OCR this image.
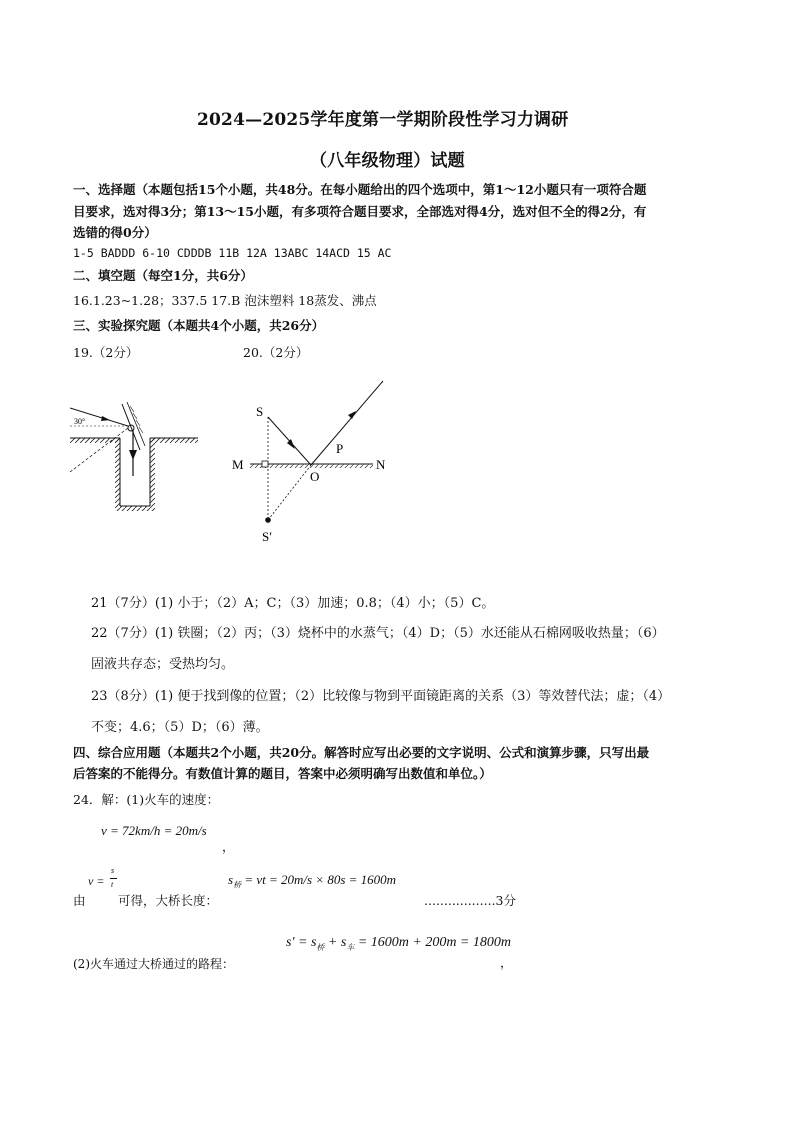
2024—2025学年度第一学期阶段性学习力调研
（八年级物理）试题
一、选择题（本题包括15个小题，共48分。在每小题给出的四个选项中，第1～12小题只有一项符合题
目要求，选对得3分；第13～15小题，有多项符合题目要求，全部选对得4分，选对但不全的得2分，有
选错的得0分）
1-5 BADDD 6-10 CDDDB 11B 12A 13ABC 14ACD 15 AC
二、填空题（每空1分，共6分）
16.1.23~1.28；337.5 17.B 泡沫塑料 18蒸发、沸点
三、实验探究题（本题共4个小题，共26分）
19.（2分）	20.（2分）
30°
S
M	N
O
P
S′
21（7分）(1) 小于；（2）A；C；（3）加速；0.8；（4）小；（5）C。
22（7分）(1) 铁圈；（2）丙；（3）烧杯中的水蒸气；（4）D；（5）水还能从石棉网吸收热量；（6）
固液共存态；受热均匀。
23（8分）(1) 便于找到像的位置；（2）比较像与物到平面镜距离的关系（3）等效替代法；虚；（4）
不变；4.6；（5）D；（6）薄。
四、综合应用题（本题共2个小题，共20分。解答时应写出必要的文字说明、公式和演算步骤，只写出最
后答案的不能得分。有数值计算的题目，答案中必须明确写出数值和单位。）
24．解：(1)火车的速度：
v = 72km/h = 20m/s
，
v =
s
t
由	可得，大桥长度：
$s_桥$ = vt = 20m/s × 80s = 1600m
..................3分
(2)火车通过大桥通过的路程：
$s' = s_桥 + s_车 = 1600m + 200m = 1800m$
，
